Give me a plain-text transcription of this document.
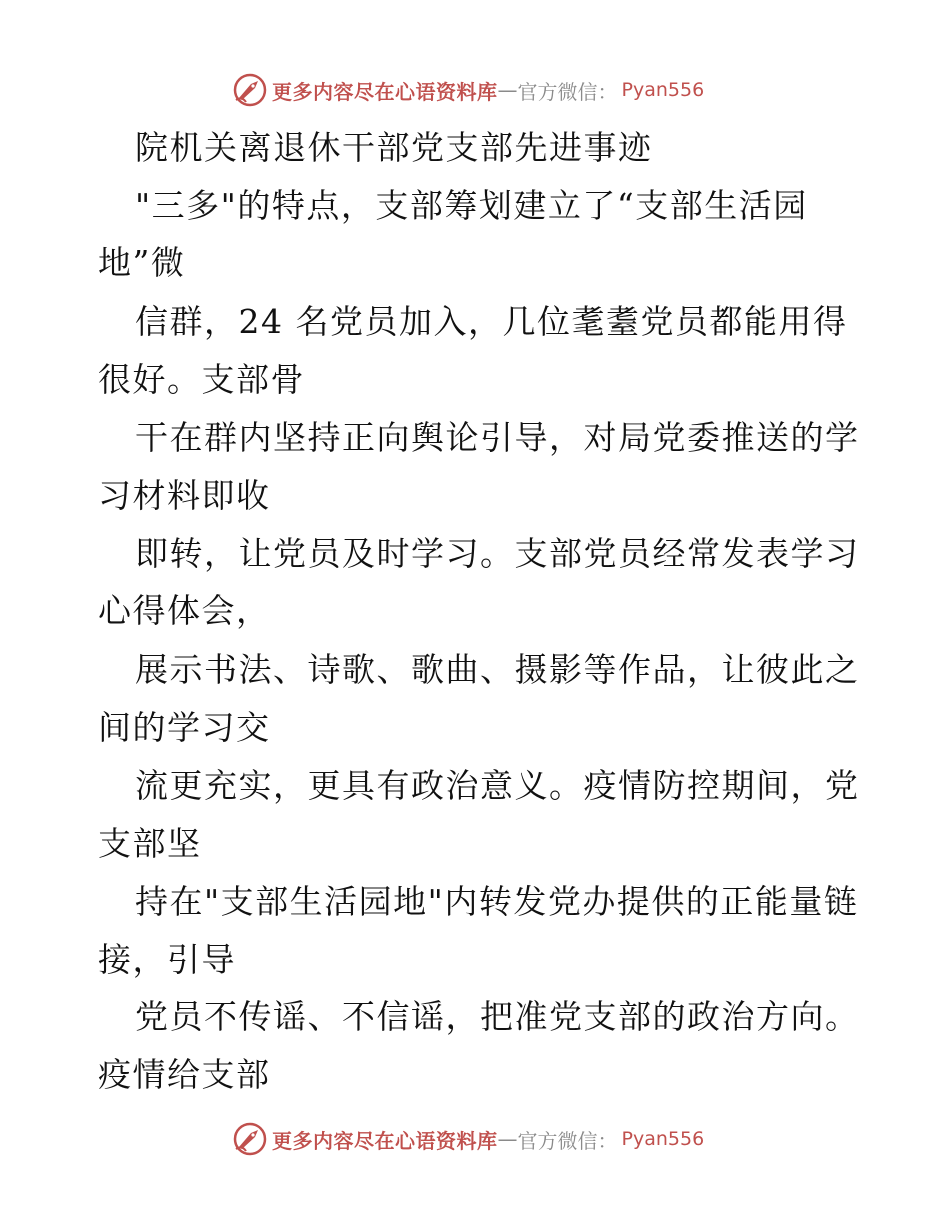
更多内容尽在心语资料库 — 官方微信： Pyan556
院机关离退休干部党支部先进事迹
"三多"的特点，支部筹划建立了“支部生活园
地”微
信群，24 名党员加入，几位耄耋党员都能用得
很好。支部骨
干在群内坚持正向舆论引导，对局党委推送的学
习材料即收
即转，让党员及时学习。支部党员经常发表学习
心得体会，
展示书法、诗歌、歌曲、摄影等作品，让彼此之
间的学习交
流更充实，更具有政治意义。疫情防控期间，党
支部坚
持在"支部生活园地"内转发党办提供的正能量链
接，引导
党员不传谣、不信谣，把准党支部的政治方向。
疫情给支部
更多内容尽在心语资料库 — 官方微信： Pyan556
